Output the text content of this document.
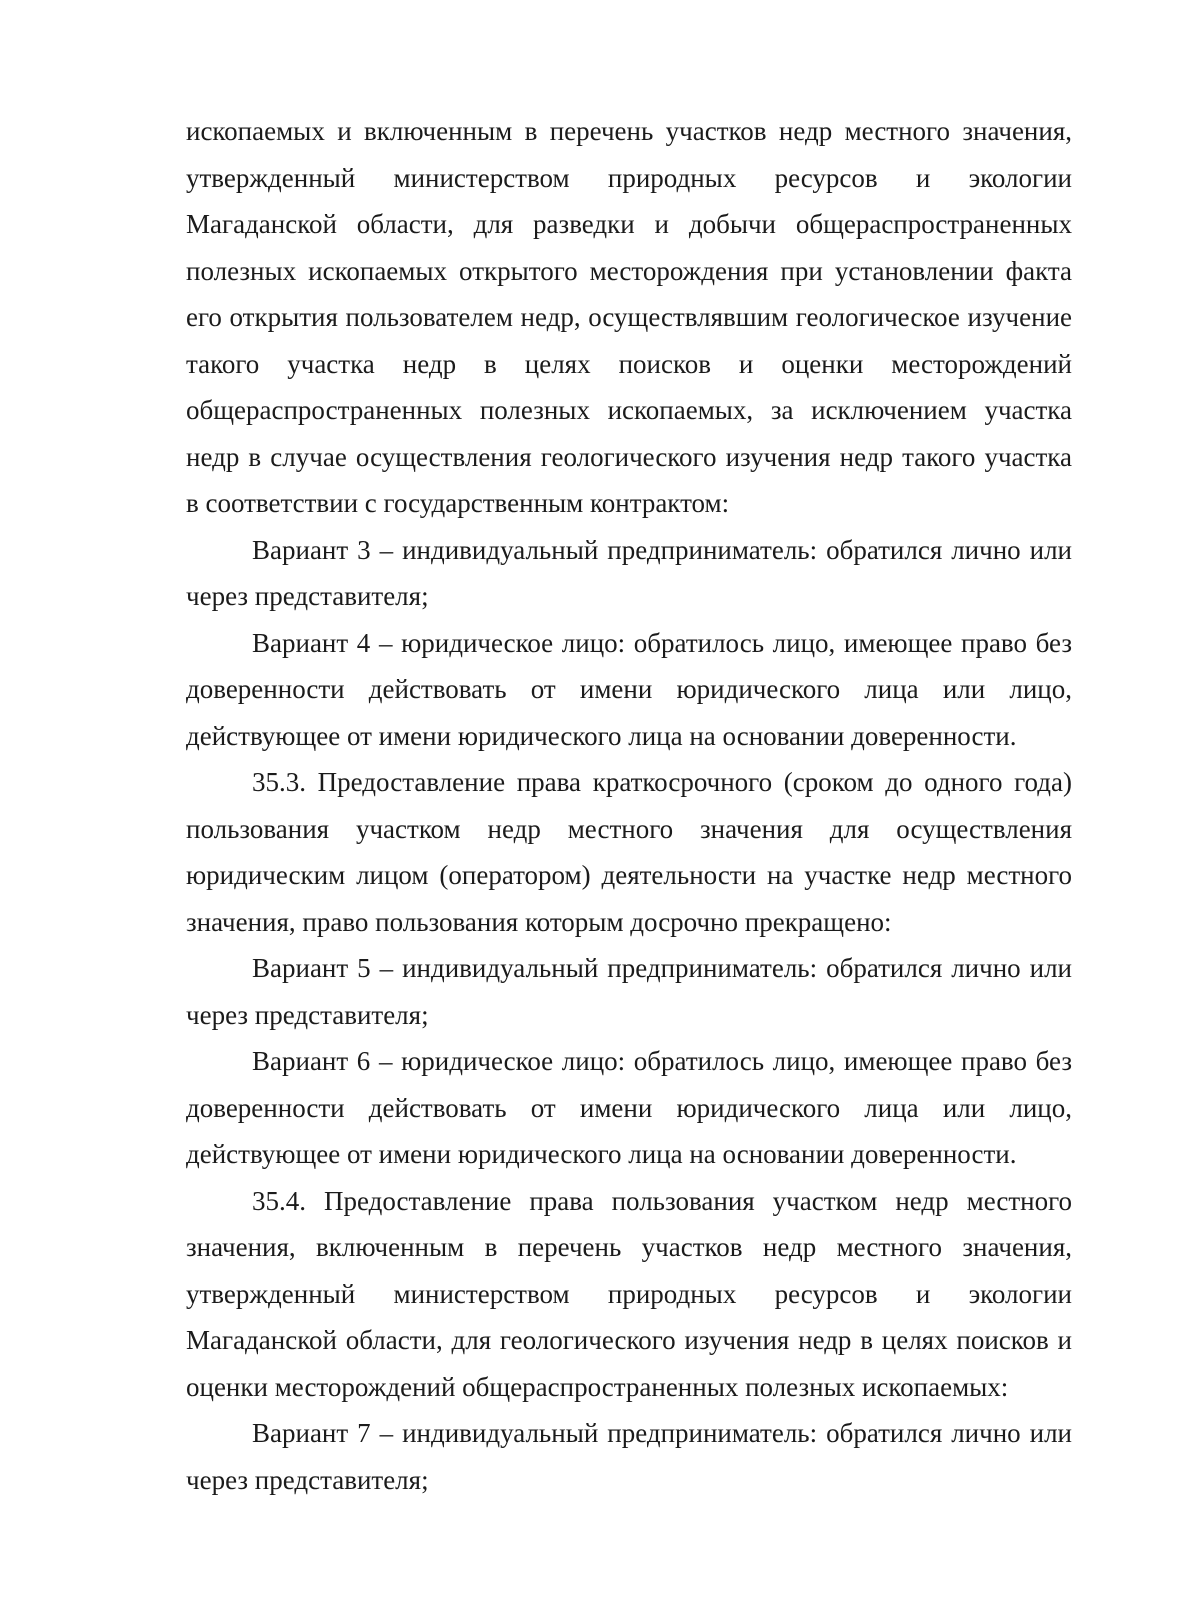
ископаемых и включенным в перечень участков недр местного значения, утвержденный министерством природных ресурсов и экологии Магаданской области, для разведки и добычи общераспространенных полезных ископаемых открытого месторождения при установлении факта его открытия пользователем недр, осуществлявшим геологическое изучение такого участка недр в целях поисков и оценки месторождений общераспространенных полезных ископаемых, за исключением участка недр в случае осуществления геологического изучения недр такого участка в соответствии с государственным контрактом:

Вариант 3 – индивидуальный предприниматель: обратился лично или через представителя;

Вариант 4 – юридическое лицо: обратилось лицо, имеющее право без доверенности действовать от имени юридического лица или лицо, действующее от имени юридического лица на основании доверенности.

35.3. Предоставление права краткосрочного (сроком до одного года) пользования участком недр местного значения для осуществления юридическим лицом (оператором) деятельности на участке недр местного значения, право пользования которым досрочно прекращено:

Вариант 5 – индивидуальный предприниматель: обратился лично или через представителя;

Вариант 6 – юридическое лицо: обратилось лицо, имеющее право без доверенности действовать от имени юридического лица или лицо, действующее от имени юридического лица на основании доверенности.

35.4. Предоставление права пользования участком недр местного значения, включенным в перечень участков недр местного значения, утвержденный министерством природных ресурсов и экологии Магаданской области, для геологического изучения недр в целях поисков и оценки месторождений общераспространенных полезных ископаемых:

Вариант 7 – индивидуальный предприниматель: обратился лично или через представителя;
